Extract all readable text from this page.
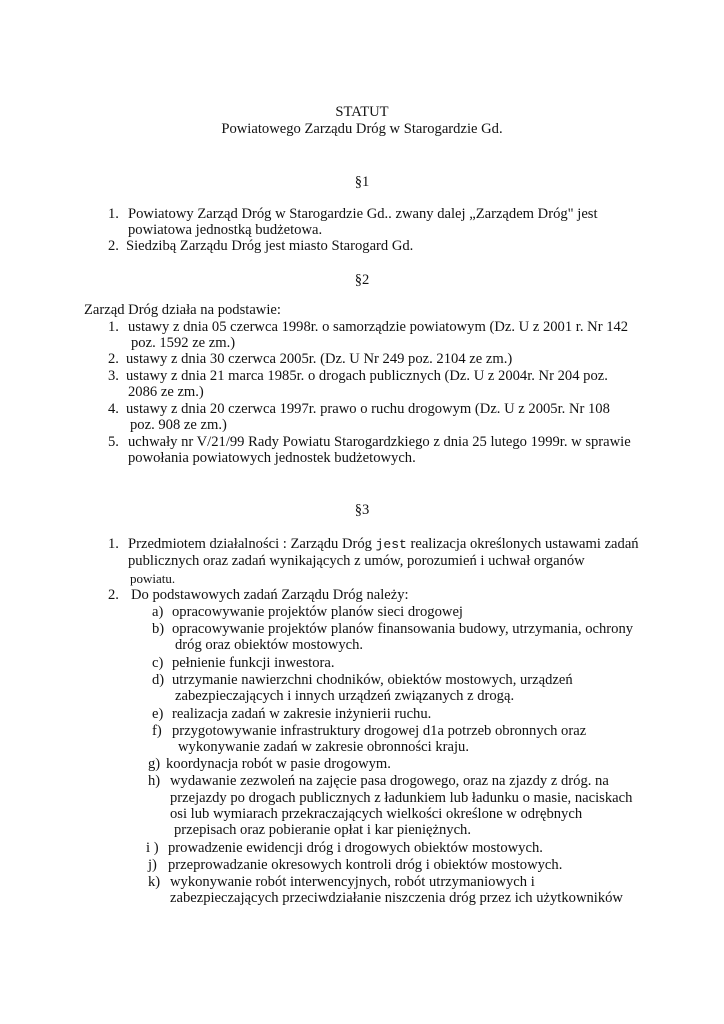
STATUT
Powiatowego Zarządu Dróg w Starogardzie Gd.
§1
1. Powiatowy Zarząd Dróg w Starogardzie Gd.. zwany dalej „Zarządem Dróg" jest
powiatowa jednostką budżetowa.
2. Siedzibą Zarządu Dróg jest miasto Starogard Gd.
§2
Zarząd Dróg działa na podstawie:
1. ustawy z dnia 05 czerwca 1998r. o samorządzie powiatowym (Dz. U z 2001 r. Nr 142
poz. 1592 ze zm.)
2. ustawy z dnia 30 czerwca 2005r. (Dz. U Nr 249 poz. 2104 ze zm.)
3. ustawy z dnia 21 marca 1985r. o drogach publicznych (Dz. U z 2004r. Nr 204 poz.
2086 ze zm.)
4. ustawy z dnia 20 czerwca 1997r. prawo o ruchu drogowym (Dz. U z 2005r. Nr 108
poz. 908 ze zm.)
5. uchwały nr V/21/99 Rady Powiatu Starogardzkiego z dnia 25 lutego 1999r. w sprawie
powołania powiatowych jednostek budżetowych.
§3
1. Przedmiotem działalności : Zarządu Dróg jest realizacja określonych ustawami zadań
publicznych oraz zadań wynikających z umów, porozumień i uchwał organów
powiatu.
2. Do podstawowych zadań Zarządu Dróg należy:
a) opracowywanie projektów planów sieci drogowej
b) opracowywanie projektów planów finansowania budowy, utrzymania, ochrony
dróg oraz obiektów mostowych.
c) pełnienie funkcji inwestora.
d) utrzymanie nawierzchni chodników, obiektów mostowych, urządzeń
zabezpieczających i innych urządzeń związanych z drogą.
e) realizacja zadań w zakresie inżynierii ruchu.
f) przygotowywanie infrastruktury drogowej d1a potrzeb obronnych oraz
wykonywanie zadań w zakresie obronności kraju.
g) koordynacja robót w pasie drogowym.
h) wydawanie zezwoleń na zajęcie pasa drogowego, oraz na zjazdy z dróg. na
przejazdy po drogach publicznych z ładunkiem lub ładunku o masie, naciskach
osi lub wymiarach przekraczających wielkości określone w odrębnych
przepisach oraz pobieranie opłat i kar pieniężnych.
i ) prowadzenie ewidencji dróg i drogowych obiektów mostowych.
j) przeprowadzanie okresowych kontroli dróg i obiektów mostowych.
k) wykonywanie robót interwencyjnych, robót utrzymaniowych i
zabezpieczających przeciwdziałanie niszczenia dróg przez ich użytkowników
